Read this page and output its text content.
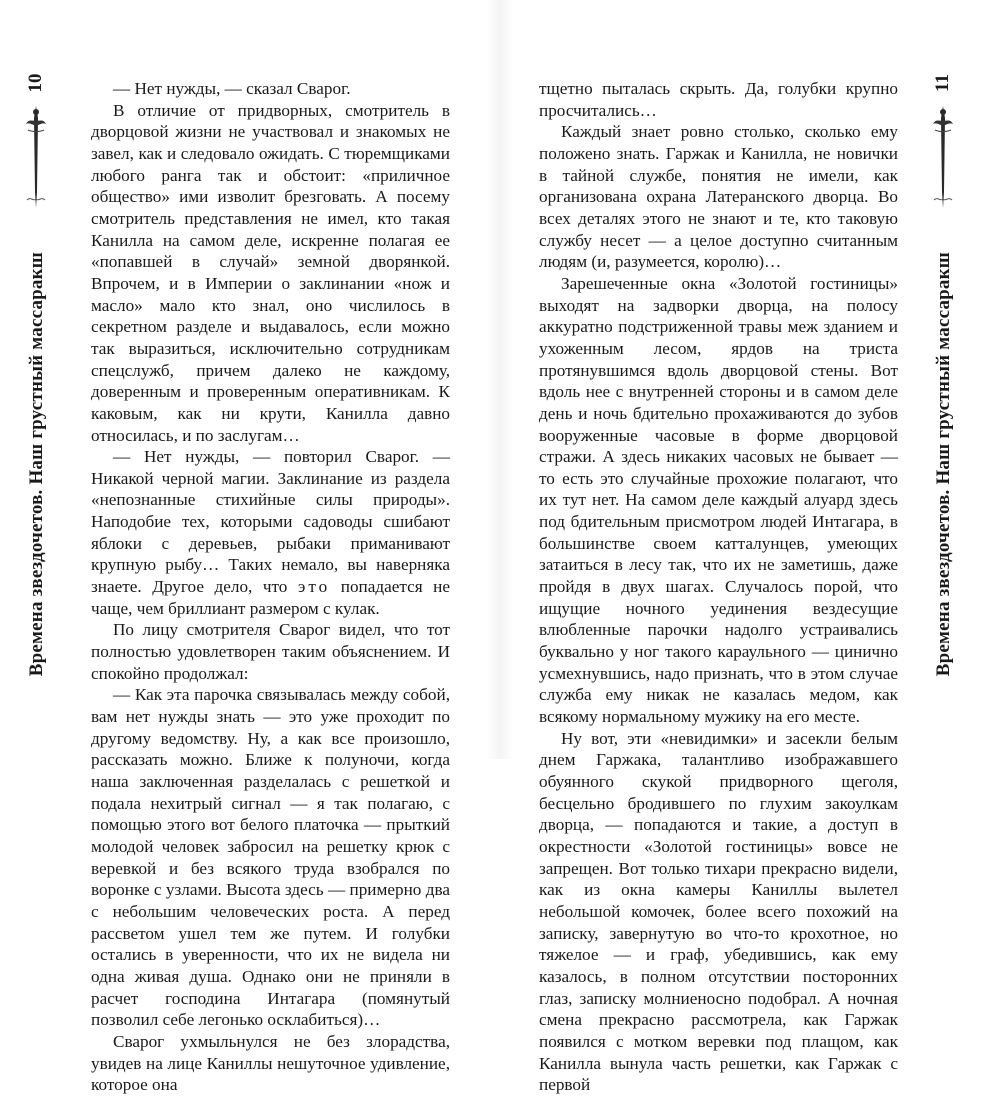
10
Времена звездочетов. Наш грустный массаракш

— Нет нужды, — сказал Сварог.

В отличие от придворных, смотритель в дворцовой жизни не участвовал и знакомых не завел, как и следовало ожидать. С тюремщиками любого ранга так и обстоит: «приличное общество» ими изволит брезговать. А посему смотритель представления не имел, кто такая Канилла на самом деле, искренне полагая ее «попавшей в случай» земной дворянкой. Впрочем, и в Империи о заклинании «нож и масло» мало кто знал, оно числилось в секретном разделе и выдавалось, если можно так выразиться, исключительно сотрудникам спецслужб, причем далеко не каждому, доверенным и проверенным оперативникам. К каковым, как ни крути, Канилла давно относилась, и по заслугам…

— Нет нужды, — повторил Сварог. — Никакой черной магии. Заклинание из раздела «непознанные стихийные силы природы». Наподобие тех, которыми садоводы сшибают яблоки с деревьев, рыбаки приманивают крупную рыбу… Таких немало, вы наверняка знаете. Другое дело, что это попадается не чаще, чем бриллиант размером с кулак.

По лицу смотрителя Сварог видел, что тот полностью удовлетворен таким объяснением. И спокойно продолжал:

— Как эта парочка связывалась между собой, вам нет нужды знать — это уже проходит по другому ведомству. Ну, а как все произошло, рассказать можно. Ближе к полуночи, когда наша заключенная разделалась с решеткой и подала нехитрый сигнал — я так полагаю, с помощью этого вот белого платочка — прыткий молодой человек забросил на решетку крюк с веревкой и без всякого труда взобрался по воронке с узлами. Высота здесь — примерно два с небольшим человеческих роста. А перед рассветом ушел тем же путем. И голубки остались в уверенности, что их не видела ни одна живая душа. Однако они не приняли в расчет господина Интагара (помянутый позволил себе легонько осклабиться)…

Сварог ухмыльнулся не без злорадства, увидев на лице Каниллы нешуточное удивление, которое она

тщетно пыталась скрыть. Да, голубки крупно просчитались…

Каждый знает ровно столько, сколько ему положено знать. Гаржак и Канилла, не новички в тайной службе, понятия не имели, как организована охрана Латеранского дворца. Во всех деталях этого не знают и те, кто таковую службу несет — а целое доступно считанным людям (и, разумеется, королю)…

Зарешеченные окна «Золотой гостиницы» выходят на задворки дворца, на полосу аккуратно подстриженной травы меж зданием и ухоженным лесом, ярдов на триста протянувшимся вдоль дворцовой стены. Вот вдоль нее с внутренней стороны и в самом деле день и ночь бдительно прохаживаются до зубов вооруженные часовые в форме дворцовой стражи. А здесь никаких часовых не бывает — то есть это случайные прохожие полагают, что их тут нет. На самом деле каждый алуард здесь под бдительным присмотром людей Интагара, в большинстве своем катталунцев, умеющих затаиться в лесу так, что их не заметишь, даже пройдя в двух шагах. Случалось порой, что ищущие ночного уединения вездесущие влюбленные парочки надолго устраивались буквально у ног такого караульного — цинично усмехнувшись, надо признать, что в этом случае служба ему никак не казалась медом, как всякому нормальному мужику на его месте.

Ну вот, эти «невидимки» и засекли белым днем Гаржака, талантливо изображавшего обуянного скукой придворного щеголя, бесцельно бродившего по глухим закоулкам дворца, — попадаются и такие, а доступ в окрестности «Золотой гостиницы» вовсе не запрещен. Вот только тихари прекрасно видели, как из окна камеры Каниллы вылетел небольшой комочек, более всего похожий на записку, завернутую во что-то крохотное, но тяжелое — и граф, убедившись, как ему казалось, в полном отсутствии посторонних глаз, записку молниеносно подобрал. А ночная смена прекрасно рассмотрела, как Гаржак появился с мотком веревки под плащом, как Канилла вынула часть решетки, как Гаржак с первой

11
Времена звездочетов. Наш грустный массаракш
